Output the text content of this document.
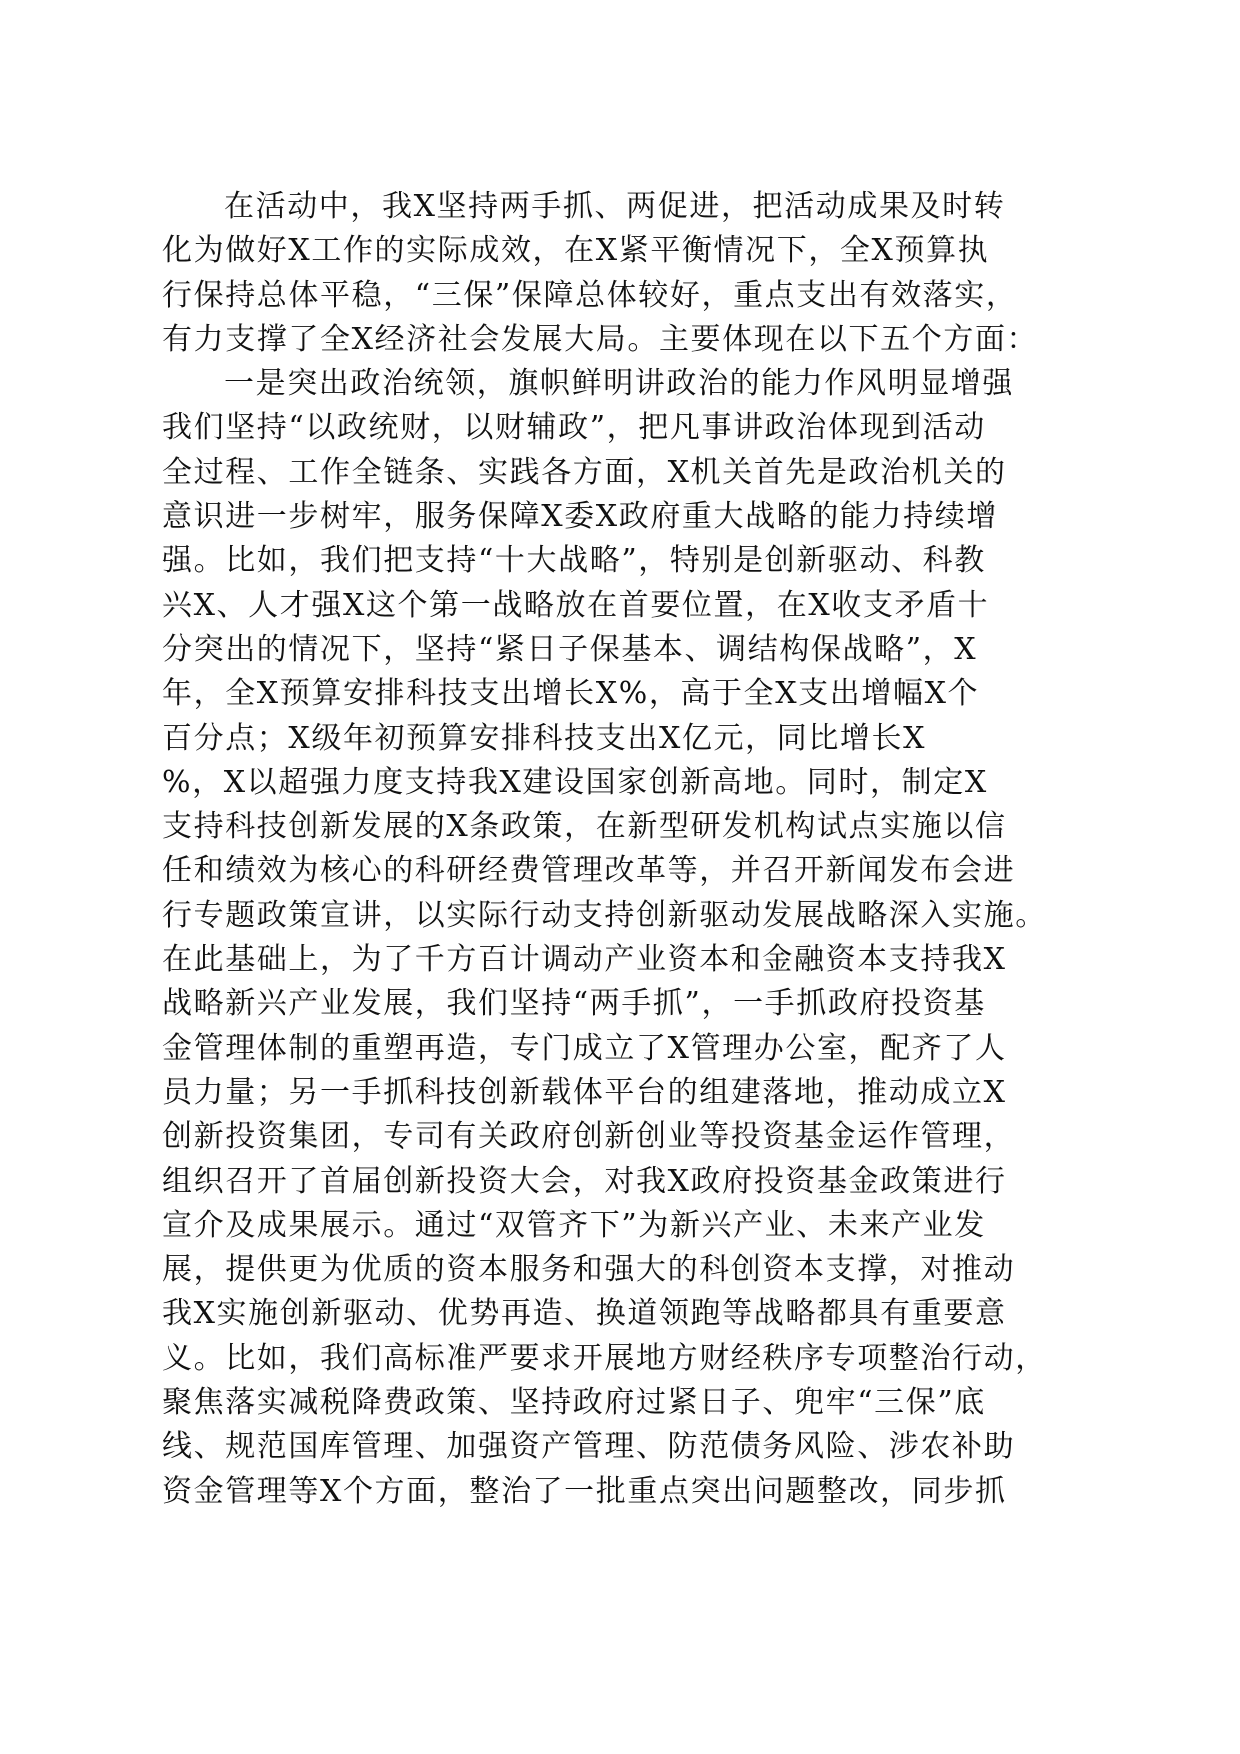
在活动中，我X坚持两手抓、两促进，把活动成果及时转
化为做好X工作的实际成效，在X紧平衡情况下，全X预算执
行保持总体平稳，“三保”保障总体较好，重点支出有效落实，
有力支撑了全X经济社会发展大局。主要体现在以下五个方面：
一是突出政治统领，旗帜鲜明讲政治的能力作风明显增强
我们坚持“以政统财，以财辅政”，把凡事讲政治体现到活动
全过程、工作全链条、实践各方面，X机关首先是政治机关的
意识进一步树牢，服务保障X委X政府重大战略的能力持续增
强。比如，我们把支持“十大战略”，特别是创新驱动、科教
兴X、人才强X这个第一战略放在首要位置，在X收支矛盾十
分突出的情况下，坚持“紧日子保基本、调结构保战略”，X
年，全X预算安排科技支出增长X%，高于全X支出增幅X个
百分点；X级年初预算安排科技支出X亿元，同比增长X
%，X以超强力度支持我X建设国家创新高地。同时，制定X
支持科技创新发展的X条政策，在新型研发机构试点实施以信
任和绩效为核心的科研经费管理改革等，并召开新闻发布会进
行专题政策宣讲，以实际行动支持创新驱动发展战略深入实施。
在此基础上，为了千方百计调动产业资本和金融资本支持我X
战略新兴产业发展，我们坚持“两手抓”，一手抓政府投资基
金管理体制的重塑再造，专门成立了X管理办公室，配齐了人
员力量；另一手抓科技创新载体平台的组建落地，推动成立X
创新投资集团，专司有关政府创新创业等投资基金运作管理，
组织召开了首届创新投资大会，对我X政府投资基金政策进行
宣介及成果展示。通过“双管齐下”为新兴产业、未来产业发
展，提供更为优质的资本服务和强大的科创资本支撑，对推动
我X实施创新驱动、优势再造、换道领跑等战略都具有重要意
义。比如，我们高标准严要求开展地方财经秩序专项整治行动，
聚焦落实减税降费政策、坚持政府过紧日子、兜牢“三保”底
线、规范国库管理、加强资产管理、防范债务风险、涉农补助
资金管理等X个方面，整治了一批重点突出问题整改，同步抓
